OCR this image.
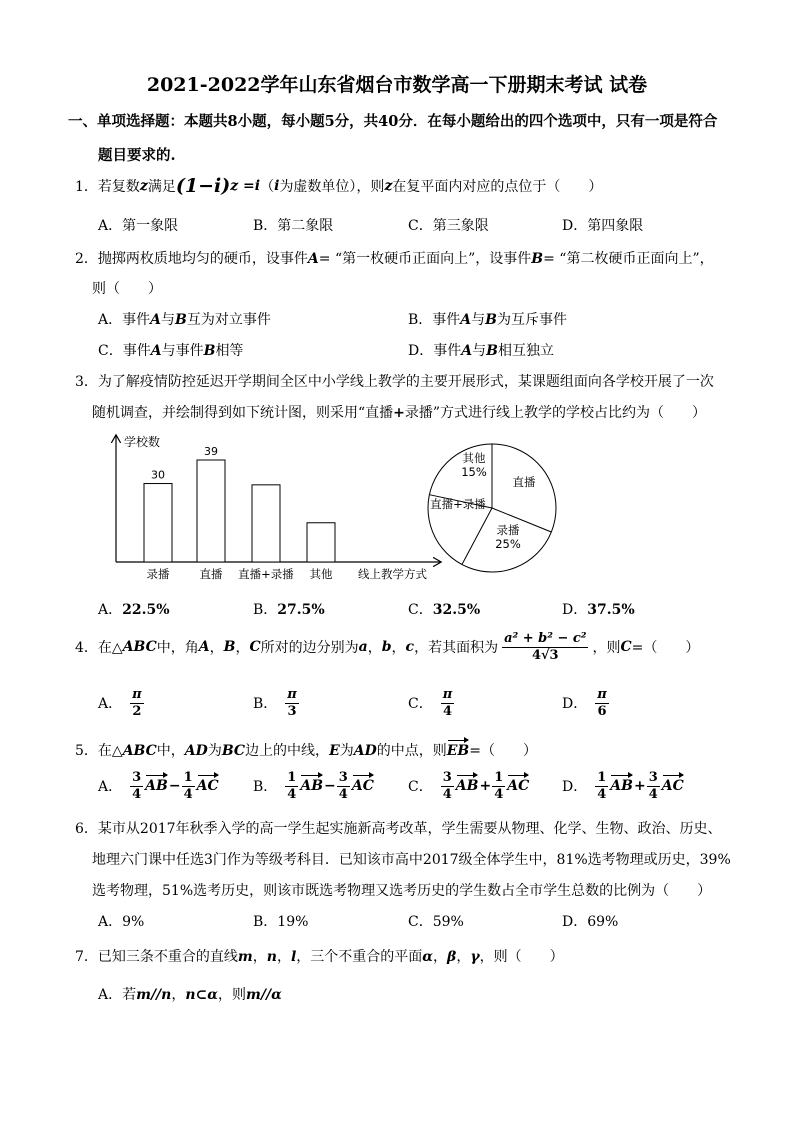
2021-2022学年山东省烟台市数学高一下册期末考试 试卷
一、单项选择题：本题共8小题，每小题5分，共40分．在每小题给出的四个选项中，只有一项是符合
题目要求的.
1．若复数 z 满足 (1−i) z = i （ i 为虚数单位），则 z 在复平面内对应的点位于（　　）
A．第一象限	B．第二象限	C．第三象限	D．第四象限
2．抛掷两枚质地均匀的硬币，设事件A= “第一枚硬币正面向上”，设事件B= “第二枚硬币正面向上”，
则（　　）
A．事件A与B互为对立事件	B．事件A与B为互斥事件
C．事件A与事件B相等	D．事件A与B相互独立
3．为了解疫情防控延迟开学期间全区中小学线上教学的主要开展形式，某课题组面向各学校开展了一次
随机调查，并绘制得到如下统计图，则采用“直播+录播”方式进行线上教学的学校占比约为（　　）
学校数
30
录播
39
直播 直播+录播 其他 线上教学方式
直播
录播
25%
直播+录播
其他
15%
A．22.5%	B．27.5%	C．32.5%	D．37.5%
4．在△ ABC 中，角 A ， B ， C 所对的边分别为 a ， b ， c ，若其面积为 $\frac{\text{a² + b² − c²}}{4√3}$ ，则 C =（　　）
A． $\frac{\pi}{2}$	B． $\frac{\pi}{3}$	C． $\frac{\pi}{4}$	D． $\frac{\pi}{6}$
5．在△ABC中，AD为BC边上的中线，E为AD的中点，则EB=（　　）
A． $\frac{3}{4}$ AB − $\frac{1}{4}$ AC B． $\frac{1}{4}$ AB − $\frac{3}{4}$ AC C． $\frac{3}{4}$ AB + $\frac{1}{4}$ AC D． $\frac{1}{4}$ AB + $\frac{3}{4}$ AC
6．某市从2017年秋季入学的高一学生起实施新高考改革，学生需要从物理、化学、生物、政治、历史、
地理六门课中任选3门作为等级考科目．已知该市高中2017级全体学生中，81%选考物理或历史，39%
选考物理，51%选考历史，则该市既选考物理又选考历史的学生数占全市学生总数的比例为（　　）
A．9%	B．19%	C．59%	D．69%
7．已知三条不重合的直线m，n，l，三个不重合的平面α，β，γ，则（　　）
A．若m//n，n⊂α，则m//α
